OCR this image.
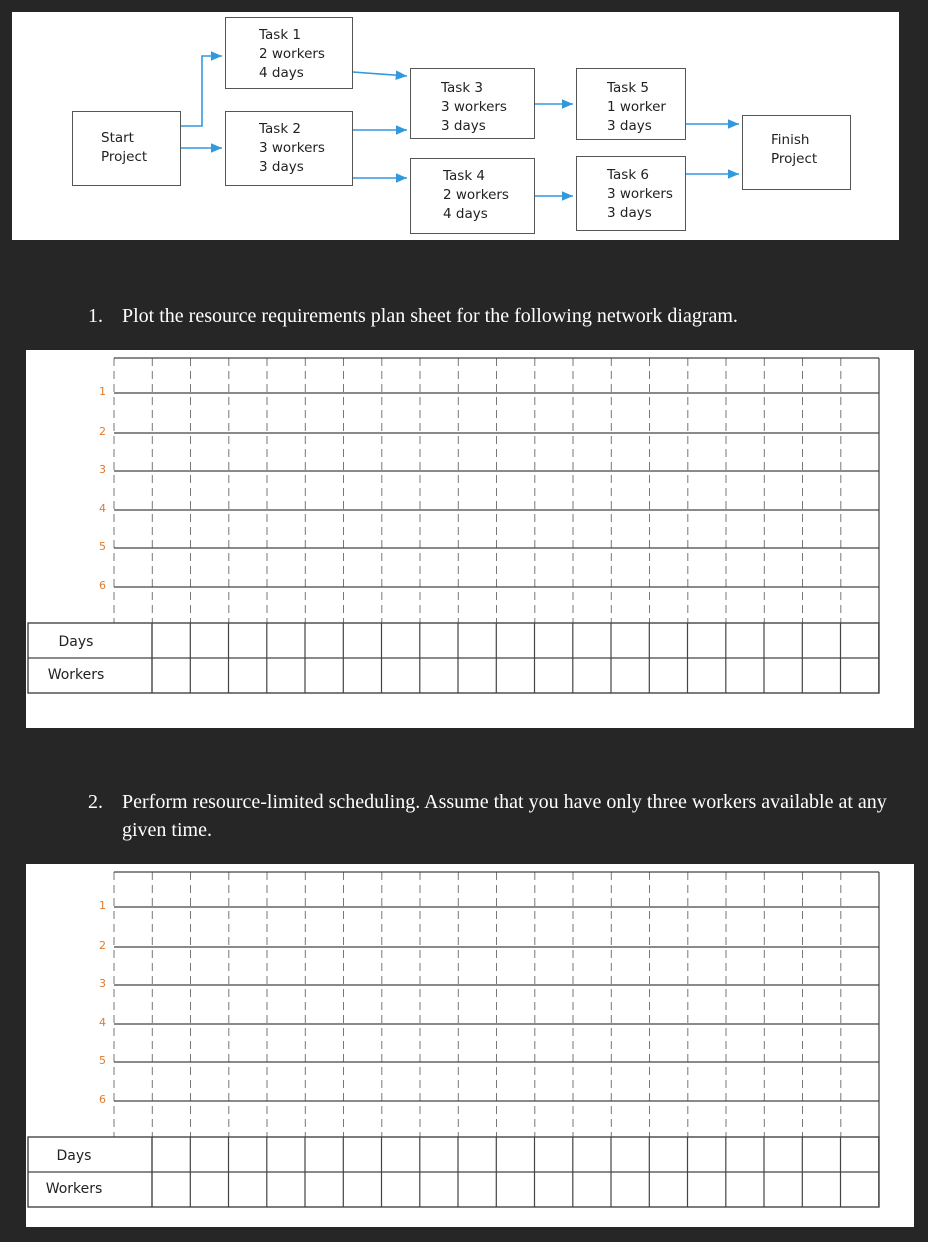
Start
Project
Task 1
2 workers
4 days
Task 2
3 workers
3 days
Task 3
3 workers
3 days
Task 4
2 workers
4 days
Task 5
1 worker
3 days
Task 6
3 workers
3 days
Finish
Project
1. Plot the resource requirements plan sheet for the following network diagram.
1
2
3
4
5
6
Days
Workers
2. Perform resource-limited scheduling. Assume that you have only three workers available at any given time.
1
2
3
4
5
6
Days
Workers
